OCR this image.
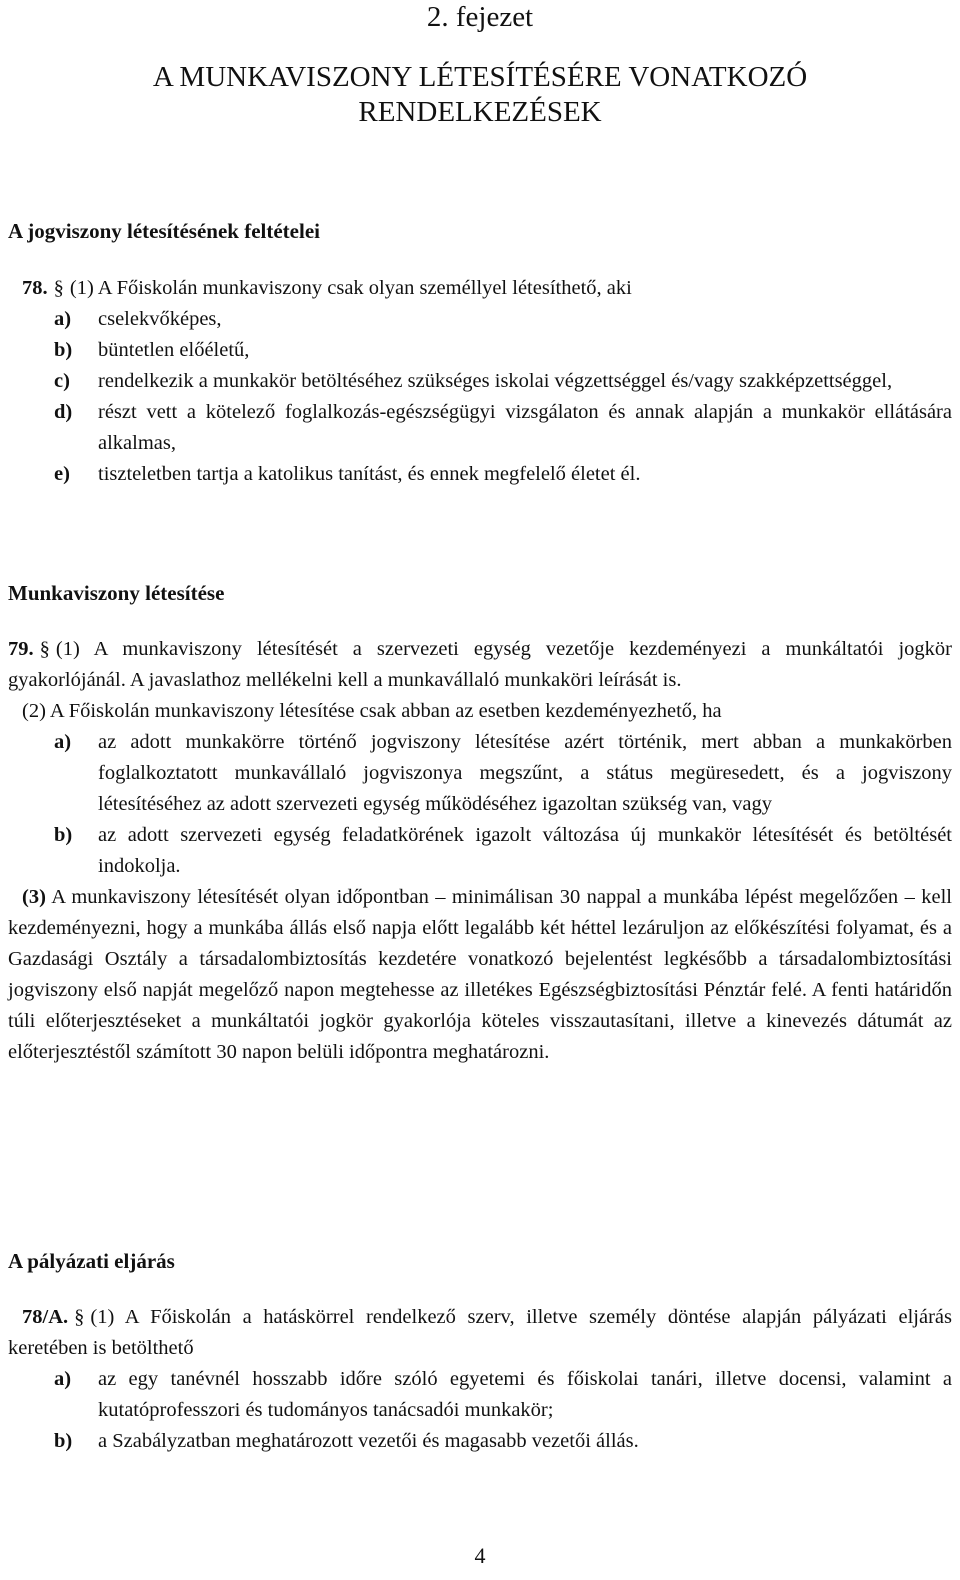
2. fejezet
A MUNKAVISZONY LÉTESÍTÉSÉRE VONATKOZÓ
RENDELKEZÉSEK
A jogviszony létesítésének feltételei

78. § (1) A Főiskolán munkaviszony csak olyan személlyel létesíthető, aki

a)	cselekvőképes,
b)	büntetlen előéletű,
c)	rendelkezik a munkakör betöltéséhez szükséges iskolai végzettséggel és/vagy szakképzettséggel,
d)	részt vett a kötelező foglalkozás-egészségügyi vizsgálaton és annak alapján a munkakör ellátására alkalmas,
e)	tiszteletben tartja a katolikus tanítást, és ennek megfelelő életet él.
Munkaviszony létesítése

79. § (1) A munkaviszony létesítését a szervezeti egység vezetője kezdeményezi a munkáltatói jogkör gyakorlójánál. A javaslathoz mellékelni kell a munkavállaló munkaköri leírását is.

(2) A Főiskolán munkaviszony létesítése csak abban az esetben kezdeményezhető, ha

a)	az adott munkakörre történő jogviszony létesítése azért történik, mert abban a munkakörben foglalkoztatott munkavállaló jogviszonya megszűnt, a státus megüresedett, és a jogviszony létesítéséhez az adott szervezeti egység működéséhez igazoltan szükség van, vagy
b)	az adott szervezeti egység feladatkörének igazolt változása új munkakör létesítését és betöltését indokolja.

(3) A munkaviszony létesítését olyan időpontban – minimálisan 30 nappal a munkába lépést megelőzően – kell kezdeményezni, hogy a munkába állás első napja előtt legalább két héttel lezáruljon az előkészítési folyamat, és a Gazdasági Osztály a társadalombiztosítás kezdetére vonatkozó bejelentést legkésőbb a társadalombiztosítási jogviszony első napját megelőző napon megtehesse az illetékes Egészségbiztosítási Pénztár felé. A fenti határidőn túli előterjesztéseket a munkáltatói jogkör gyakorlója köteles visszautasítani, illetve a kinevezés dátumát az előterjesztéstől számított 30 napon belüli időpontra meghatározni.

A pályázati eljárás

78/A. § (1) A Főiskolán a hatáskörrel rendelkező szerv, illetve személy döntése alapján pályázati eljárás keretében is betölthető

a)	az egy tanévnél hosszabb időre szóló egyetemi és főiskolai tanári, illetve docensi, valamint a kutatóprofesszori és tudományos tanácsadói munkakör;
b)	a Szabályzatban meghatározott vezetői és magasabb vezetői állás.
4
